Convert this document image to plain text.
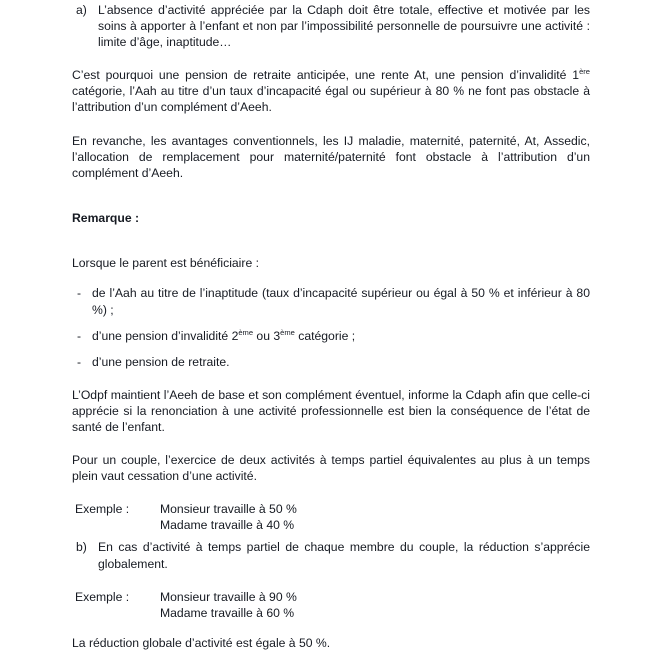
a) L’absence d’activité appréciée par la Cdaph doit être totale, effective et motivée par les soins à apporter à l’enfant et non par l’impossibilité personnelle de poursuivre une activité : limite d’âge, inaptitude…

C’est pourquoi une pension de retraite anticipée, une rente At, une pension d’invalidité 1ère catégorie, l’Aah au titre d’un taux d’incapacité égal ou supérieur à 80 % ne font pas obstacle à l’attribution d’un complément d’Aeeh.

En revanche, les avantages conventionnels, les IJ maladie, maternité, paternité, At, Assedic, l’allocation de remplacement pour maternité/paternité font obstacle à l’attribution d’un complément d’Aeeh.

Remarque :

Lorsque le parent est bénéficiaire :

- de l’Aah au titre de l’inaptitude (taux d’incapacité supérieur ou égal à 50 % et inférieur à 80 %) ;
- d’une pension d’invalidité 2ème ou 3ème catégorie ;
- d’une pension de retraite.

L’Odpf maintient l’Aeeh de base et son complément éventuel, informe la Cdaph afin que celle-ci apprécie si la renonciation à une activité professionnelle est bien la conséquence de l’état de santé de l’enfant.

Pour un couple, l’exercice de deux activités à temps partiel équivalentes au plus à un temps plein vaut cessation d’une activité.

Exemple :	Monsieur travaille à 50 %
Madame travaille à 40 %
b) En cas d’activité à temps partiel de chaque membre du couple, la réduction s’apprécie globalement.
Exemple :	Monsieur travaille à 90 %
Madame travaille à 60 %

La réduction globale d’activité est égale à 50 %.
